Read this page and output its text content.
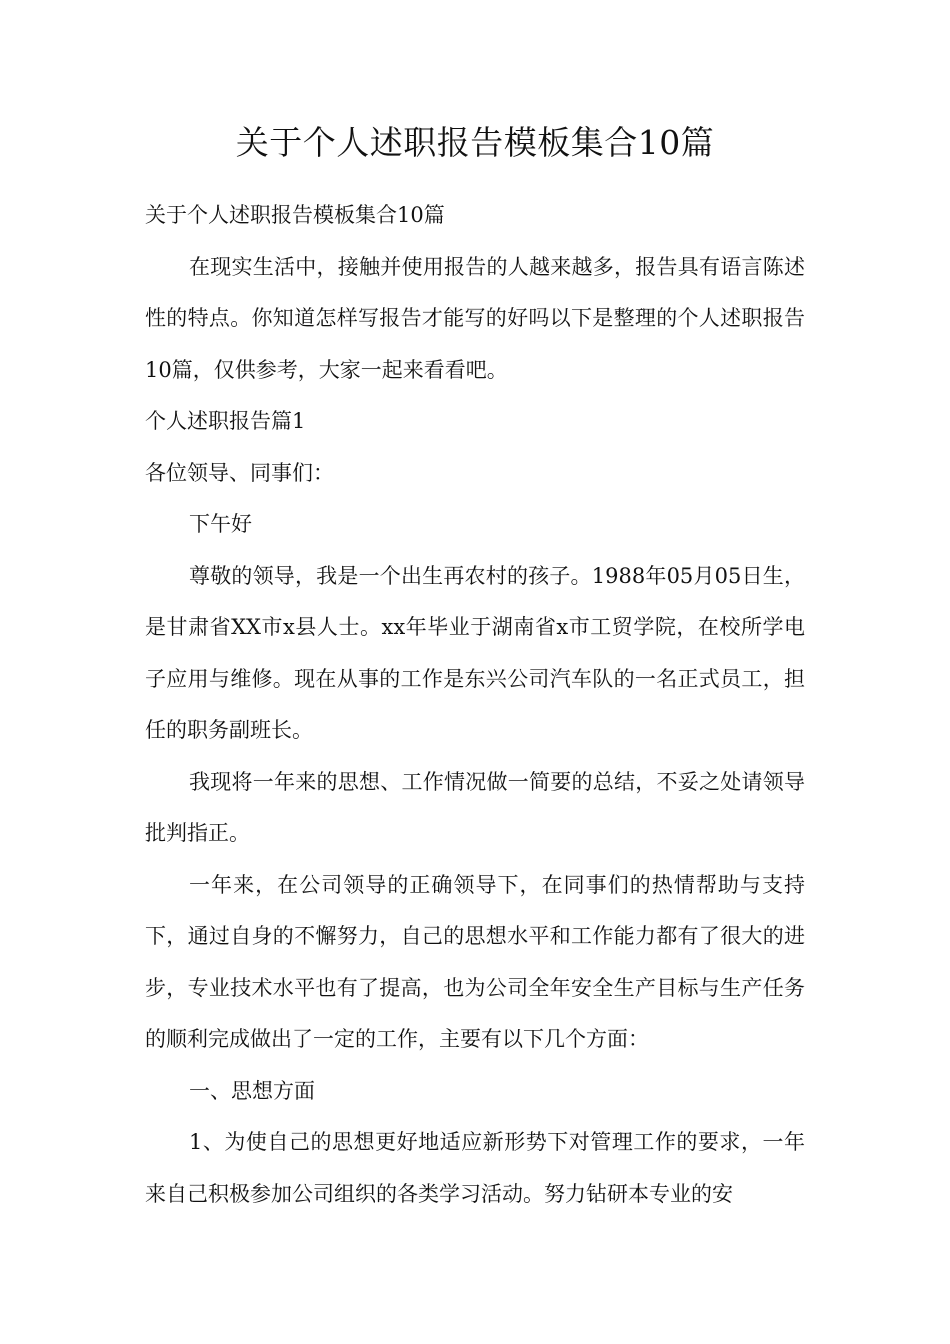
关于个人述职报告模板集合10篇

关于个人述职报告模板集合10篇

在现实生活中，接触并使用报告的人越来越多，报告具有语言陈述性的特点。你知道怎样写报告才能写的好吗以下是整理的个人述职报告10篇，仅供参考，大家一起来看看吧。

个人述职报告篇1

各位领导、同事们：

下午好

尊敬的领导，我是一个出生再农村的孩子。1988年05月05日生，是甘肃省XX市x县人士。xx年毕业于湖南省x市工贸学院，在校所学电子应用与维修。现在从事的工作是东兴公司汽车队的一名正式员工，担任的职务副班长。

我现将一年来的思想、工作情况做一简要的总结，不妥之处请领导批判指正。

一年来，在公司领导的正确领导下，在同事们的热情帮助与支持下，通过自身的不懈努力，自己的思想水平和工作能力都有了很大的进步，专业技术水平也有了提高，也为公司全年安全生产目标与生产任务的顺利完成做出了一定的工作，主要有以下几个方面：

一、思想方面

1、为使自己的思想更好地适应新形势下对管理工作的要求，一年来自己积极参加公司组织的各类学习活动。努力钻研本专业的安
